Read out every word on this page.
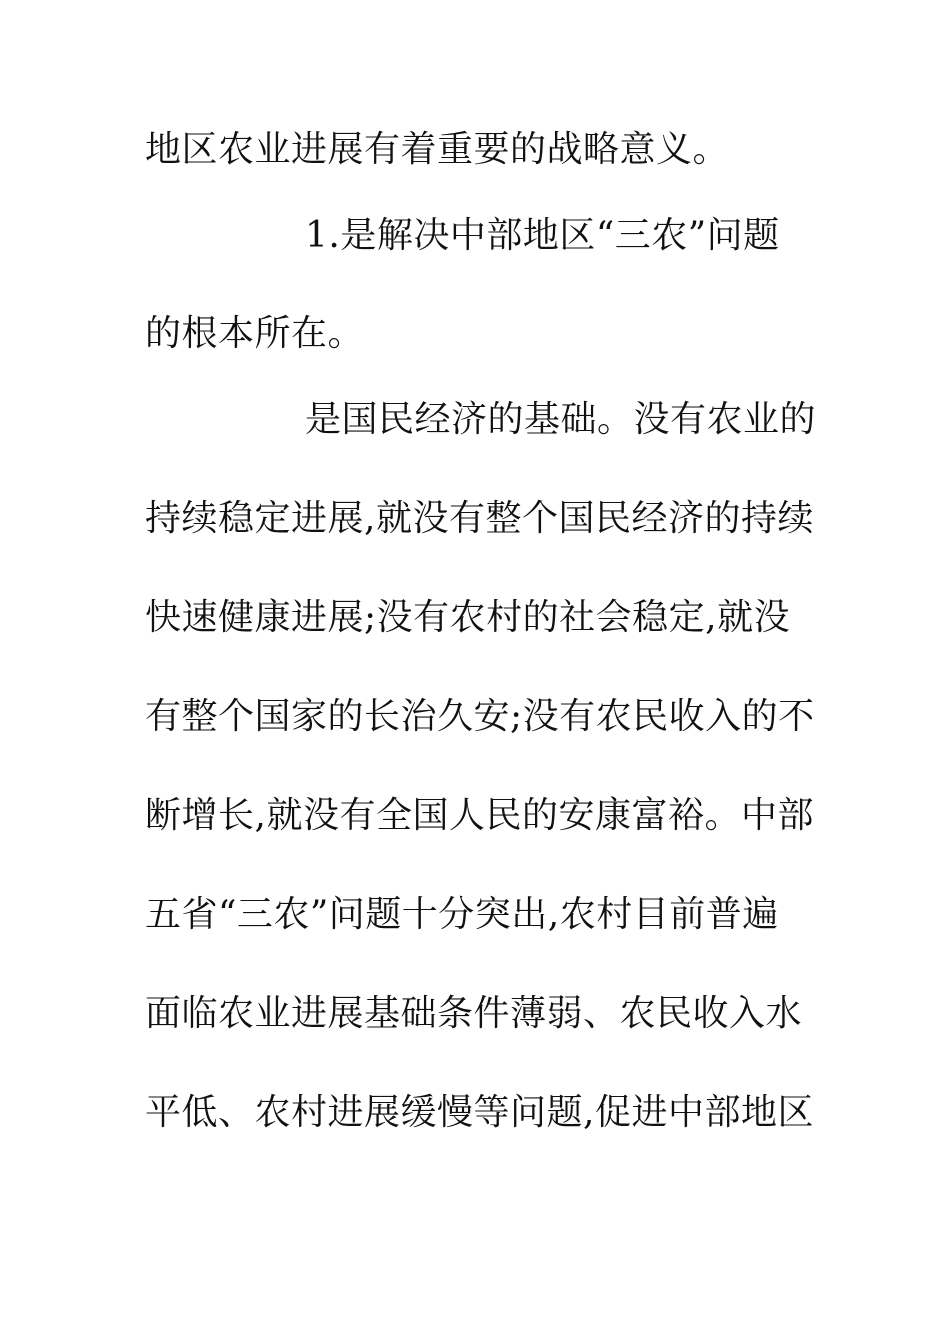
地区农业进展有着重要的战略意义。
1.是解决中部地区“三农”问题
的根本所在。
是国民经济的基础。没有农业的
持续稳定进展,就没有整个国民经济的持续
快速健康进展;没有农村的社会稳定,就没
有整个国家的长治久安;没有农民收入的不
断增长,就没有全国人民的安康富裕。中部
五省“三农”问题十分突出,农村目前普遍
面临农业进展基础条件薄弱、农民收入水
平低、农村进展缓慢等问题,促进中部地区
